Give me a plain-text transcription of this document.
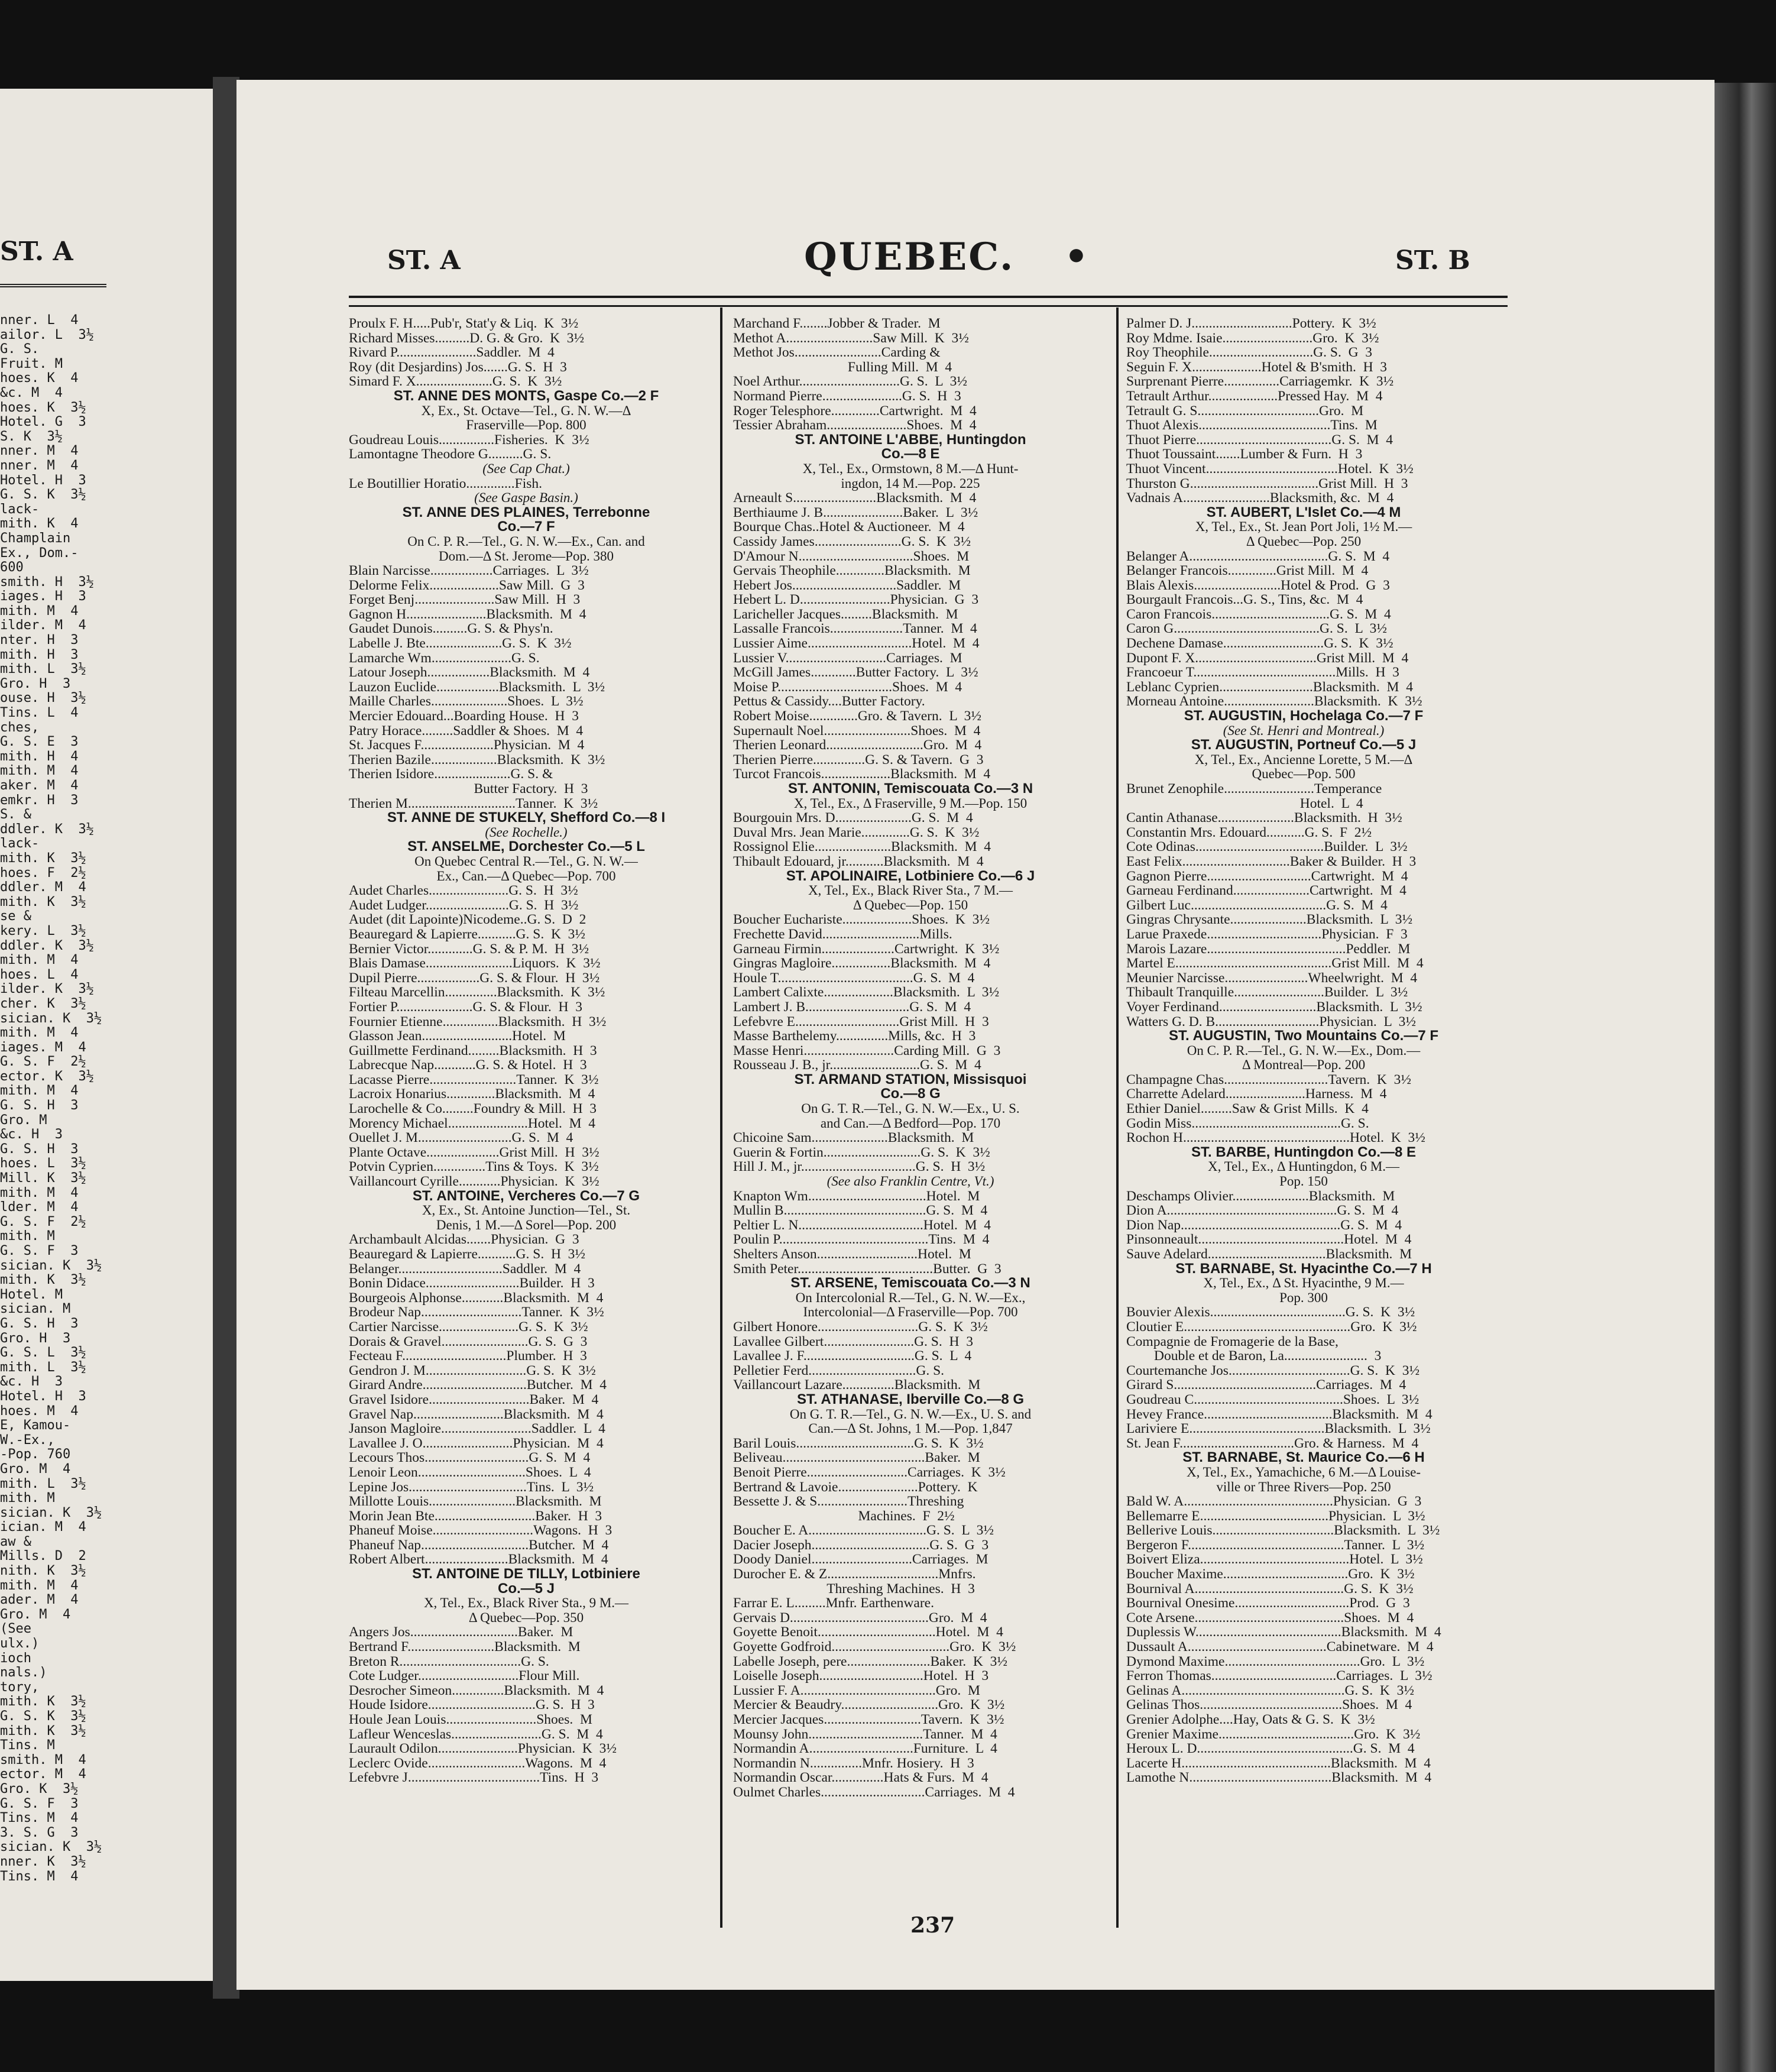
ST. A
nner. L  4
ailor. L  3½
G. S.
Fruit. M
hoes. K  4
&c. M  4
hoes. K  3½
Hotel. G  3
S. K  3½
nner. M  4
nner. M  4
Hotel. H  3
G. S. K  3½
lack-
mith. K  4
Champlain
Ex., Dom.-
600
smith. H  3½
iages. H  3
mith. M  4
ilder. M  4
nter. H  3
mith. H  3
mith. L  3½
Gro. H  3
ouse. H  3½
Tins. L  4
ches,
G. S. E  3
mith. H  4
mith. M  4
aker. M  4
emkr. H  3
S. &
ddler. K  3½
lack-
mith. K  3½
hoes. F  2½
ddler. M  4
mith. K  3½
se &
kery. L  3½
ddler. K  3½
mith. M  4
hoes. L  4
ilder. K  3½
cher. K  3½
sician. K  3½
mith. M  4
iages. M  4
G. S. F  2½
ector. K  3½
mith. M  4
G. S. H  3
Gro. M
&c. H  3
G. S. H  3
hoes. L  3½
Mill. K  3½
mith. M  4
lder. M  4
G. S. F  2½
mith. M
G. S. F  3
sician. K  3½
mith. K  3½
Hotel. M
sician. M
G. S. H  3
Gro. H  3
G. S. L  3½
mith. L  3½
&c. H  3
Hotel. H  3
hoes. M  4
E, Kamou-
W.-Ex.,
-Pop. 760
Gro. M  4
mith. L  3½
mith. M
sician. K  3½
ician. M  4
aw &
Mills. D  2
nith. K  3½
mith. M  4
ader. M  4
Gro. M  4
(See
ulx.)
ioch
nals.)
tory,
mith. K  3½
G. S. K  3½
mith. K  3½
Tins. M
smith. M  4
ector. M  4
Gro. K  3½
G. S. F  3
Tins. M  4
3. S. G  3
sician. K  3½
nner. K  3½
Tins. M  4
ST. A	QUEBEC. •	ST. B
Proulx F. H.....Pub'r, Stat'y & Liq.  K  3½
Richard Misses..........D. G. & Gro.  K  3½
Rivard P.......................Saddler.  M  4
Roy (dit Desjardins) Jos.......G. S.  H  3
Simard F. X......................G. S.  K  3½
ST. ANNE DES MONTS, Gaspe Co.—2 F
X, Ex., St. Octave—Tel., G. N. W.—Δ
Fraserville—Pop. 800
Goudreau Louis................Fisheries.  K  3½
Lamontagne Theodore G..........G. S.
(See Cap Chat.)
Le Boutillier Horatio..............Fish.
(See Gaspe Basin.)
ST. ANNE DES PLAINES, Terrebonne
Co.—7 F
On C. P. R.—Tel., G. N. W.—Ex., Can. and
Dom.—Δ St. Jerome—Pop. 380
Blain Narcisse..................Carriages.  L  3½
Delorme Felix....................Saw Mill.  G  3
Forget Benj.......................Saw Mill.  H  3
Gagnon H.......................Blacksmith.  M  4
Gaudet Dunois..........G. S. & Phys'n.
Labelle J. Bte......................G. S.  K  3½
Lamarche Wm.......................G. S.
Latour Joseph..................Blacksmith.  M  4
Lauzon Euclide..................Blacksmith.  L  3½
Maille Charles......................Shoes.  L  3½
Mercier Edouard...Boarding House.  H  3
Patry Horace.........Saddler & Shoes.  M  4
St. Jacques F.....................Physician.  M  4
Therien Bazile...................Blacksmith.  K  3½
Therien Isidore......................G. S. &
Butter Factory.  H  3
Therien M...............................Tanner.  K  3½
ST. ANNE DE STUKELY, Shefford Co.—8 I
(See Rochelle.)
ST. ANSELME, Dorchester Co.—5 L
On Quebec Central R.—Tel., G. N. W.—
Ex., Can.—Δ Quebec—Pop. 700
Audet Charles.......................G. S.  H  3½
Audet Ludger........................G. S.  H  3½
Audet (dit Lapointe)Nicodeme..G. S.  D  2
Beauregard & Lapierre...........G. S.  K  3½
Bernier Victor.............G. S. & P. M.  H  3½
Blais Damase.........................Liquors.  K  3½
Dupil Pierre..................G. S. & Flour.  H  3½
Filteau Marcellin...............Blacksmith.  K  3½
Fortier P......................G. S. & Flour.  H  3
Fournier Etienne................Blacksmith.  H  3½
Glasson Jean..........................Hotel.  M
Guillmette Ferdinand.........Blacksmith.  H  3
Labrecque Nap............G. S. & Hotel.  H  3
Lacasse Pierre.........................Tanner.  K  3½
Lacroix Honarius..............Blacksmith.  M  4
Larochelle & Co.........Foundry & Mill.  H  3
Morency Michael.......................Hotel.  M  4
Ouellet J. M...........................G. S.  M  4
Plante Octave.....................Grist Mill.  H  3½
Potvin Cyprien...............Tins & Toys.  K  3½
Vaillancourt Cyrille............Physician.  K  3½
ST. ANTOINE, Vercheres Co.—7 G
X, Ex., St. Antoine Junction—Tel., St.
Denis, 1 M.—Δ Sorel—Pop. 200
Archambault Alcidas.......Physician.  G  3
Beauregard & Lapierre...........G. S.  H  3½
Belanger..............................Saddler.  M  4
Bonin Didace...........................Builder.  H  3
Bourgeois Alphonse............Blacksmith.  M  4
Brodeur Nap.............................Tanner.  K  3½
Cartier Narcisse.......................G. S.  K  3½
Dorais & Gravel.........................G. S.  G  3
Fecteau F..............................Plumber.  H  3
Gendron J. M.............................G. S.  K  3½
Girard Andre..............................Butcher.  M  4
Gravel Isidore.............................Baker.  M  4
Gravel Nap..........................Blacksmith.  M  4
Janson Magloire..........................Saddler.  L  4
Lavallee J. O..........................Physician.  M  4
Lecours Thos..............................G. S.  M  4
Lenoir Leon...............................Shoes.  L  4
Lepine Jos..................................Tins.  L  3½
Millotte Louis.........................Blacksmith.  M
Morin Jean Bte.............................Baker.  H  3
Phaneuf Moise.............................Wagons.  H  3
Phaneuf Nap...............................Butcher.  M  4
Robert Albert........................Blacksmith.  M  4
ST. ANTOINE DE TILLY, Lotbiniere
Co.—5 J
X, Tel., Ex., Black River Sta., 9 M.—
Δ Quebec—Pop. 350
Angers Jos...............................Baker.  M
Bertrand F.........................Blacksmith.  M
Breton R...................................G. S.
Cote Ludger.............................Flour Mill.
Desrocher Simeon...............Blacksmith.  M  4
Houde Isidore...............................G. S.  H  3
Houle Jean Louis..........................Shoes.  M
Lafleur Wenceslas..........................G. S.  M  4
Laurault Odilon.......................Physician.  K  3½
Leclerc Ovide............................Wagons.  M  4
Lefebvre J......................................Tins.  H  3
Marchand F........Jobber & Trader.  M
Methot A.........................Saw Mill.  K  3½
Methot Jos.........................Carding &
Fulling Mill.  M  4
Noel Arthur.............................G. S.  L  3½
Normand Pierre.......................G. S.  H  3
Roger Telesphore..............Cartwright.  M  4
Tessier Abraham.......................Shoes.  M  4
ST. ANTOINE L'ABBE, Huntingdon
Co.—8 E
X, Tel., Ex., Ormstown, 8 M.—Δ Hunt-
ingdon, 14 M.—Pop. 225
Arneault S........................Blacksmith.  M  4
Berthiaume J. B.......................Baker.  L  3½
Bourque Chas..Hotel & Auctioneer.  M  4
Cassidy James.........................G. S.  K  3½
D'Amour N.................................Shoes.  M
Gervais Theophile..............Blacksmith.  M
Hebert Jos..............................Saddler.  M
Hebert L. D..........................Physician.  G  3
Laricheller Jacques.........Blacksmith.  M
Lassalle Francois.....................Tanner.  M  4
Lussier Aime..............................Hotel.  M  4
Lussier V.............................Carriages.  M
McGill James.............Butter Factory.  L  3½
Moise P.................................Shoes.  M  4
Pettus & Cassidy....Butter Factory.
Robert Moise..............Gro. & Tavern.  L  3½
Supernault Noel.........................Shoes.  M  4
Therien Leonard............................Gro.  M  4
Therien Pierre...............G. S. & Tavern.  G  3
Turcot Francois....................Blacksmith.  M  4
ST. ANTONIN, Temiscouata Co.—3 N
X, Tel., Ex., Δ Fraserville, 9 M.—Pop. 150
Bourgouin Mrs. D......................G. S.  M  4
Duval Mrs. Jean Marie..............G. S.  K  3½
Rossignol Elie......................Blacksmith.  M  4
Thibault Edouard, jr...........Blacksmith.  M  4
ST. APOLINAIRE, Lotbiniere Co.—6 J
X, Tel., Ex., Black River Sta., 7 M.—
Δ Quebec—Pop. 150
Boucher Eucharistе....................Shoes.  K  3½
Frechette David............................Mills.
Garneau Firmin.....................Cartwright.  K  3½
Gingras Magloire.................Blacksmith.  M  4
Houle T.......................................G. S.  M  4
Lambert Calixte....................Blacksmith.  L  3½
Lambert J. B..............................G. S.  M  4
Lefebvre E..............................Grist Mill.  H  3
Masse Barthelemy...............Mills, &c.  H  3
Masse Henri..........................Carding Mill.  G  3
Rousseau J. B., jr..........................G. S.  M  4
ST. ARMAND STATION, Missisquoi
Co.—8 G
On G. T. R.—Tel., G. N. W.—Ex., U. S.
and Can.—Δ Bedford—Pop. 170
Chicoine Sam......................Blacksmith.  M
Guerin & Fortin............................G. S.  K  3½
Hill J. M., jr.................................G. S.  H  3½
(See also Franklin Centre, Vt.)
Knapton Wm..................................Hotel.  M
Mullin B.........................................G. S.  M  4
Peltier L. N....................................Hotel.  M  4
Poulin P...........................................Tins.  M  4
Shelters Anson.............................Hotel.  M
Smith Peter.......................................Butter.  G  3
ST. ARSENE, Temiscouata Co.—3 N
On Intercolonial R.—Tel., G. N. W.—Ex.,
Intercolonial—Δ Fraserville—Pop. 700
Gilbert Honore.............................G. S.  K  3½
Lavallee Gilbert..........................G. S.  H  3
Lavallee J. F................................G. S.  L  4
Pelletier Ferd...............................G. S.
Vaillancourt Lazare...............Blacksmith.  M
ST. ATHANASE, Iberville Co.—8 G
On G. T. R.—Tel., G. N. W.—Ex., U. S. and
Can.—Δ St. Johns, 1 M.—Pop. 1,847
Baril Louis..................................G. S.  K  3½
Beliveau.........................................Baker.  M
Benoit Pierre.............................Carriages.  K  3½
Bertrand & Lavoie.......................Pottery.  K
Bessette J. & S..........................Threshing
Machines.  F  2½
Boucher E. A..................................G. S.  L  3½
Dacier Joseph..................................G. S.  G  3
Doody Daniel.............................Carriages.  M
Durocher E. & Z................................Mnfrs.
Threshing Machines.  H  3
Farrar E. L.........Mnfr. Earthenware.
Gervais D........................................Gro.  M  4
Goyette Benoit..................................Hotel.  M  4
Goyette Godfroid..................................Gro.  K  3½
Labelle Joseph, pere........................Baker.  K  3½
Loiselle Joseph..............................Hotel.  H  3
Lussier F. A.......................................Gro.  M
Mercier & Beaudry............................Gro.  K  3½
Mercier Jacques............................Tavern.  K  3½
Mounsy John.................................Tanner.  M  4
Normandin A..............................Furniture.  L  4
Normandin N...............Mnfr. Hosiery.  H  3
Normandin Oscar...............Hats & Furs.  M  4
Oulmet Charles..............................Carriages.  M  4
Palmer D. J.............................Pottery.  K  3½
Roy Mdme. Isaie..........................Gro.  K  3½
Roy Theophile..............................G. S.  G  3
Seguin F. X....................Hotel & B'smith.  H  3
Surprenant Pierre................Carriagemkr.  K  3½
Tetrault Arthur....................Pressed Hay.  M  4
Tetrault G. S...................................Gro.  M
Thuot Alexis......................................Tins.  M
Thuot Pierre.......................................G. S.  M  4
Thuot Toussaint.......Lumber & Furn.  H  3
Thuot Vincent......................................Hotel.  K  3½
Thurston G.....................................Grist Mill.  H  3
Vadnais A.........................Blacksmith, &c.  M  4
ST. AUBERT, L'Islet Co.—4 M
X, Tel., Ex., St. Jean Port Joli, 1½ M.—
Δ Quebec—Pop. 250
Belanger A........................................G. S.  M  4
Belanger Francois..............Grist Mill.  M  4
Blais Alexis.........................Hotel & Prod.  G  3
Bourgault Francois...G. S., Tins, &c.  M  4
Caron Francois..................................G. S.  M  4
Caron G..........................................G. S.  L  3½
Dechene Damase.............................G. S.  K  3½
Dupont F. X...................................Grist Mill.  M  4
Francoeur T.........................................Mills.  H  3
Leblanc Cyprien...........................Blacksmith.  M  4
Morneau Antoine..........................Blacksmith.  K  3½
ST. AUGUSTIN, Hochelaga Co.—7 F
(See St. Henri and Montreal.)
ST. AUGUSTIN, Portneuf Co.—5 J
X, Tel., Ex., Ancienne Lorette, 5 M.—Δ
Quebec—Pop. 500
Brunet Zenophile..........................Temperance
Hotel.  L  4
Cantin Athanase......................Blacksmith.  H  3½
Constantin Mrs. Edouard...........G. S.  F  2½
Cote Odinas.....................................Builder.  L  3½
East Felix...............................Baker & Builder.  H  3
Gagnon Pierre..............................Cartwright.  M  4
Garneau Ferdinand......................Cartwright.  M  4
Gilbert Luc.......................................G. S.  M  4
Gingras Chrysante......................Blacksmith.  L  3½
Larue Praxede.................................Physician.  F  3
Marois Lazare........................................Peddler.  M
Martel E.............................................Grist Mill.  M  4
Meunier Narcisse........................Wheelwright.  M  4
Thibault Tranquille..........................Builder.  L  3½
Voyer Ferdinand............................Blacksmith.  L  3½
Watters G. D. B..............................Physician.  L  3½
ST. AUGUSTIN, Two Mountains Co.—7 F
On C. P. R.—Tel., G. N. W.—Ex., Dom.—
Δ Montreal—Pop. 200
Champagne Chas..............................Tavern.  K  3½
Charrette Adelard.......................Harness.  M  4
Ethier Daniel.........Saw & Grist Mills.  K  4
Godin Miss...........................................G. S.
Rochon H................................................Hotel.  K  3½
ST. BARBE, Huntingdon Co.—8 E
X, Tel., Ex., Δ Huntingdon, 6 M.—
Pop. 150
Deschamps Olivier......................Blacksmith.  M
Dion A.................................................G. S.  M  4
Dion Nap..............................................G. S.  M  4
Pinsonneault..........................................Hotel.  M  4
Sauve Adelard..................................Blacksmith.  M
ST. BARNABE, St. Hyacinthe Co.—7 H
X, Tel., Ex., Δ St. Hyacinthe, 9 M.—
Pop. 300
Bouvier Alexis.......................................G. S.  K  3½
Cloutier E................................................Gro.  K  3½
Compagnie de Fromagerie de la Base,
Double et de Baron, La........................  3
Courtemanche Jos...................................G. S.  K  3½
Girard S.........................................Carriages.  M  4
Goudreau C...........................................Shoes.  L  3½
Hevey France.....................................Blacksmith.  M  4
Lariviere E.......................................Blacksmith.  L  3½
St. Jean F.................................Gro. & Harness.  M  4
ST. BARNABE, St. Maurice Co.—6 H
X, Tel., Ex., Yamachiche, 6 M.—Δ Louise-
ville or Three Rivers—Pop. 250
Bald W. A...........................................Physician.  G  3
Bellemarre E.....................................Physician.  L  3½
Bellerive Louis...................................Blacksmith.  L  3½
Bergeron F.............................................Tanner.  L  3½
Boivert Eliza...........................................Hotel.  L  3½
Boucher Maxime....................................Gro.  K  3½
Bournival A...........................................G. S.  K  3½
Bournival Onesime.................................Prod.  G  3
Cote Arsene...........................................Shoes.  M  4
Duplessis W..........................................Blacksmith.  M  4
Dussault A........................................Cabinetware.  M  4
Dymond Maxime.......................................Gro.  L  3½
Ferron Thomas....................................Carriages.  L  3½
Gelinas A...............................................G. S.  K  3½
Gelinas Thos.........................................Shoes.  M  4
Grenier Adolphe....Hay, Oats & G. S.  K  3½
Grenier Maxime.......................................Gro.  K  3½
Heroux L. D.............................................G. S.  M  4
Lacerte H...........................................Blacksmith.  M  4
Lamothe N.........................................Blacksmith.  M  4
237
